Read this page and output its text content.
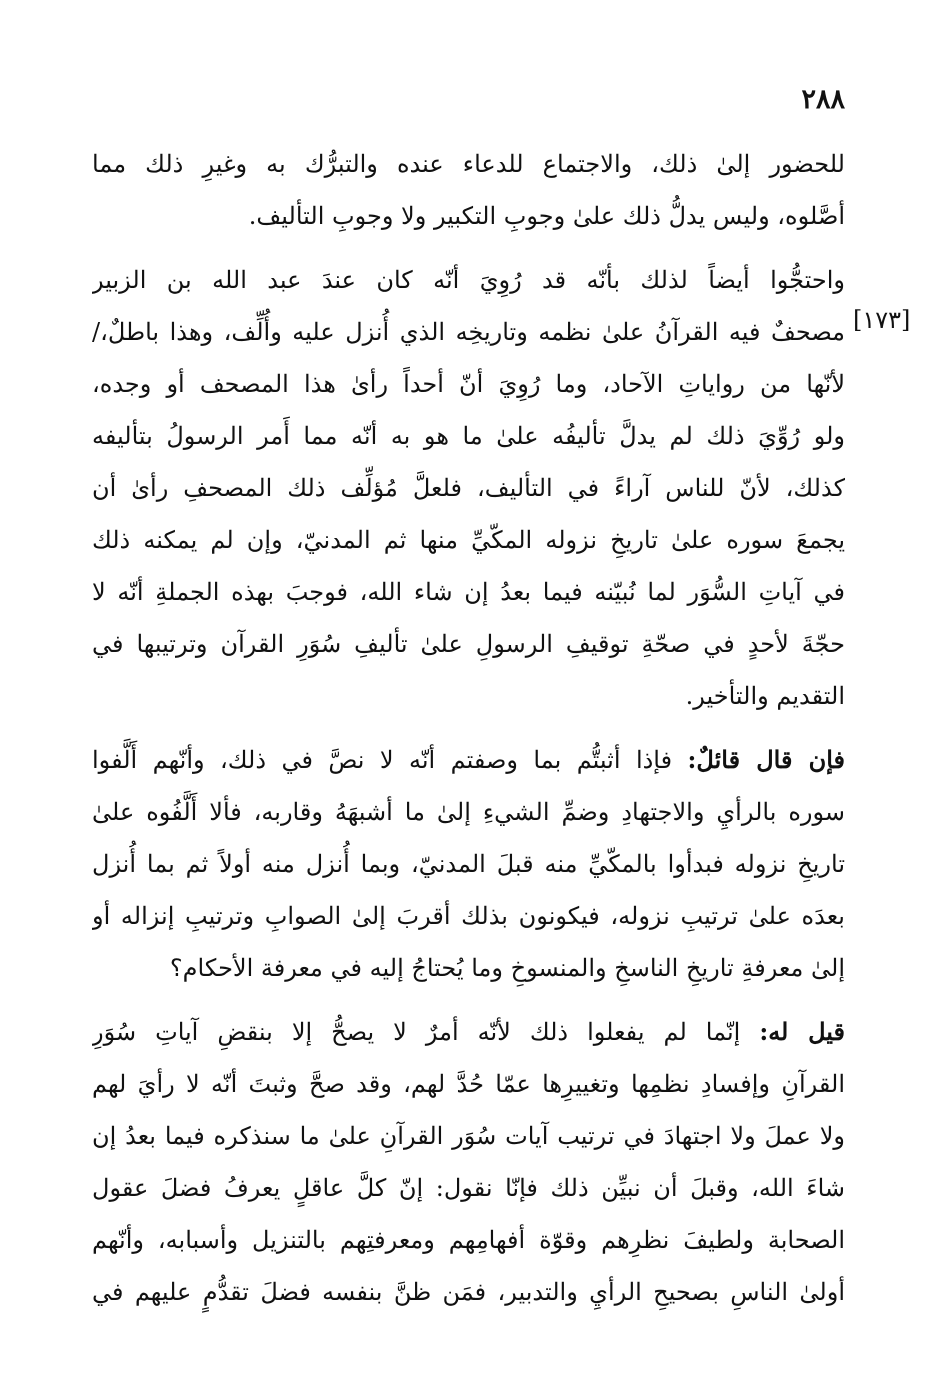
٢٨٨
للحضور إلىٰ ذلك، والاجتماع للدعاء عنده والتبرُّك به وغيرِ ذلك مما
أصَّلوه، وليس يدلُّ ذلك علىٰ وجوبِ التكبير ولا وجوبِ التأليف.
واحتجُّوا أيضاً لذلك بأنّه قد رُوِيَ أنّه كان عندَ عبد الله بن الزبير
[١٧٣]
مصحفٌ فيه القرآنُ علىٰ نظمه وتاريخِه الذي أُنزل عليه وأُلِّف، وهذا باطلٌ،/
لأنّها من رواياتِ الآحاد، وما رُوِيَ أنّ أحداً رأىٰ هذا المصحف أو وجده،
ولو رُوِّيَ ذلك لم يدلَّ تأليفُه علىٰ ما هو به أنّه مما أَمر الرسولُ بتأليفه
كذلك، لأنّ للناس آراءً في التأليف، فلعلَّ مُؤلِّف ذلك المصحفِ رأىٰ أن
يجمعَ سوره علىٰ تاريخِ نزوله المكّيِّ منها ثم المدنيّ، وإن لم يمكنه ذلك
في آياتِ السُّوَر لما نُبيّنه فيما بعدُ إن شاء الله، فوجبَ بهذه الجملةِ أنّه لا
حجّةَ لأحدٍ في صحّةِ توقيفِ الرسولِ علىٰ تأليفِ سُوَرِ القرآن وترتيبها في
التقديم والتأخير.
فإن قال قائلٌ: فإذا أثبتُّم بما وصفتم أنّه لا نصَّ في ذلك، وأنّهم أَلَّفوا
سوره بالرأيِ والاجتهادِ وضمِّ الشيءِ إلىٰ ما أشبهَهُ وقاربه، فألا أَلَّفُوه علىٰ
تاريخِ نزوله فبدأوا بالمكّيِّ منه قبلَ المدنيّ، وبما أُنزل منه أولاً ثم بما أُنزل
بعدَه علىٰ ترتيبِ نزوله، فيكونون بذلك أقربَ إلىٰ الصوابِ وترتيبِ إنزاله أو
إلىٰ معرفةِ تاريخِ الناسخِ والمنسوخِ وما يُحتاجُ إليه في معرفة الأحكام؟
قيل له: إنّما لم يفعلوا ذلك لأنّه أمرٌ لا يصحُّ إلا بنقضِ آياتِ سُوَرِ
القرآنِ وإفسادِ نظمِها وتغييرِها عمّا حُدَّ لهم، وقد صحَّ وثبتَ أنّه لا رأيَ لهم
ولا عملَ ولا اجتهادَ في ترتيب آيات سُوَر القرآنِ علىٰ ما سنذكره فيما بعدُ إن
شاءَ الله، وقبلَ أن نبيِّن ذلك فإنّا نقول: إنّ كلَّ عاقلٍ يعرفُ فضلَ عقول
الصحابة ولطيفَ نظرِهم وقوّة أفهامِهم ومعرفتِهم بالتنزيل وأسبابه، وأنّهم
أولىٰ الناسِ بصحيحِ الرأيِ والتدبير، فمَن ظنَّ بنفسه فضلَ تقدُّمٍ عليهم في
